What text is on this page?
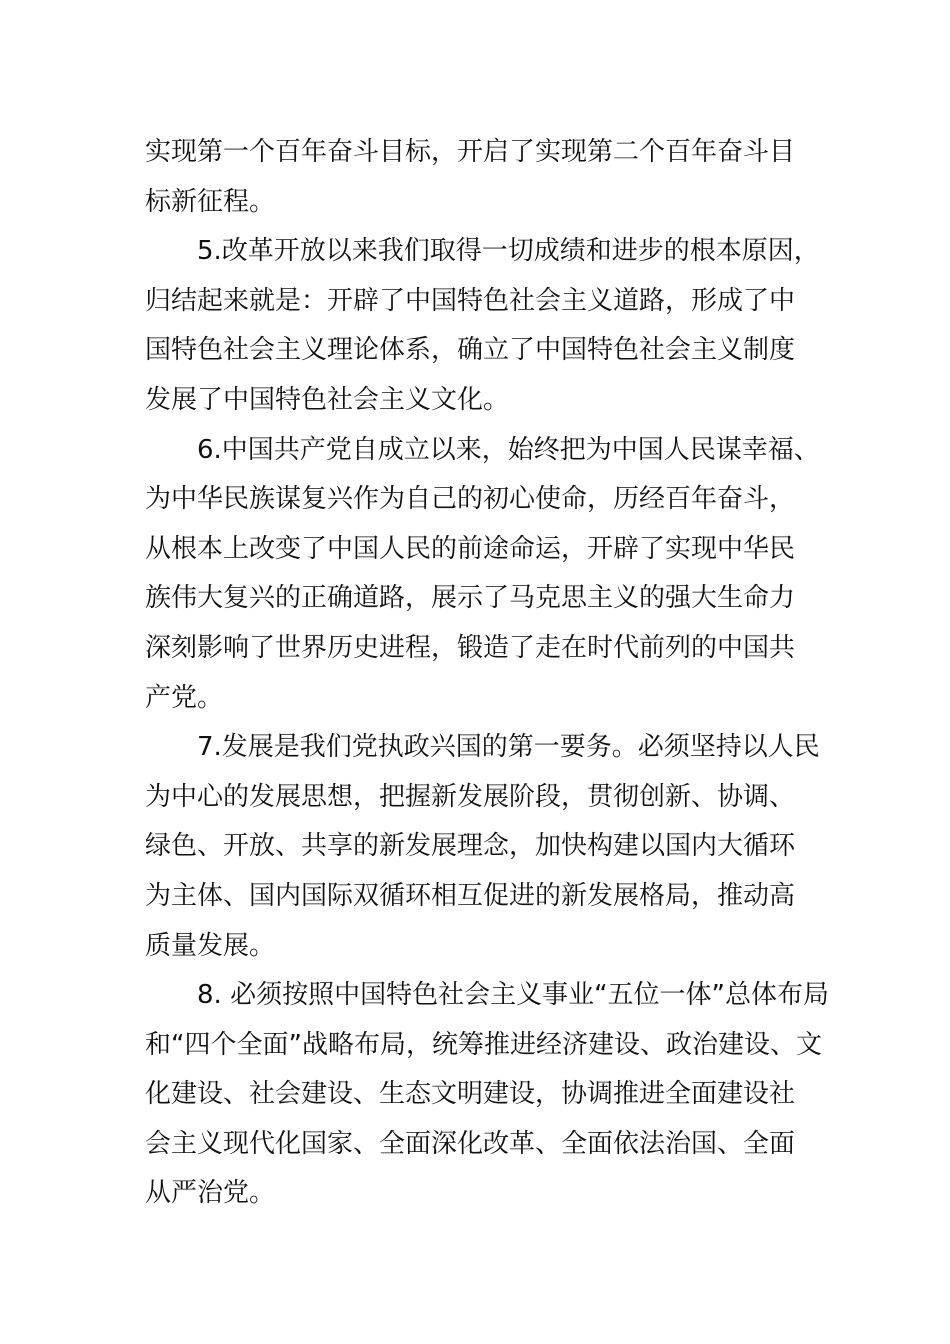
实现第一个百年奋斗目标，开启了实现第二个百年奋斗目
标新征程。
5.改革开放以来我们取得一切成绩和进步的根本原因，
归结起来就是：开辟了中国特色社会主义道路，形成了中
国特色社会主义理论体系，确立了中国特色社会主义制度
发展了中国特色社会主义文化。
6.中国共产党自成立以来，始终把为中国人民谋幸福、
为中华民族谋复兴作为自己的初心使命，历经百年奋斗，
从根本上改变了中国人民的前途命运，开辟了实现中华民
族伟大复兴的正确道路，展示了马克思主义的强大生命力
深刻影响了世界历史进程，锻造了走在时代前列的中国共
产党。
7.发展是我们党执政兴国的第一要务。必须坚持以人民
为中心的发展思想，把握新发展阶段，贯彻创新、协调、
绿色、开放、共享的新发展理念，加快构建以国内大循环
为主体、国内国际双循环相互促进的新发展格局，推动高
质量发展。
8. 必须按照中国特色社会主义事业“五位一体”总体布局
和“四个全面”战略布局，统筹推进经济建设、政治建设、文
化建设、社会建设、生态文明建设，协调推进全面建设社
会主义现代化国家、全面深化改革、全面依法治国、全面
从严治党。
